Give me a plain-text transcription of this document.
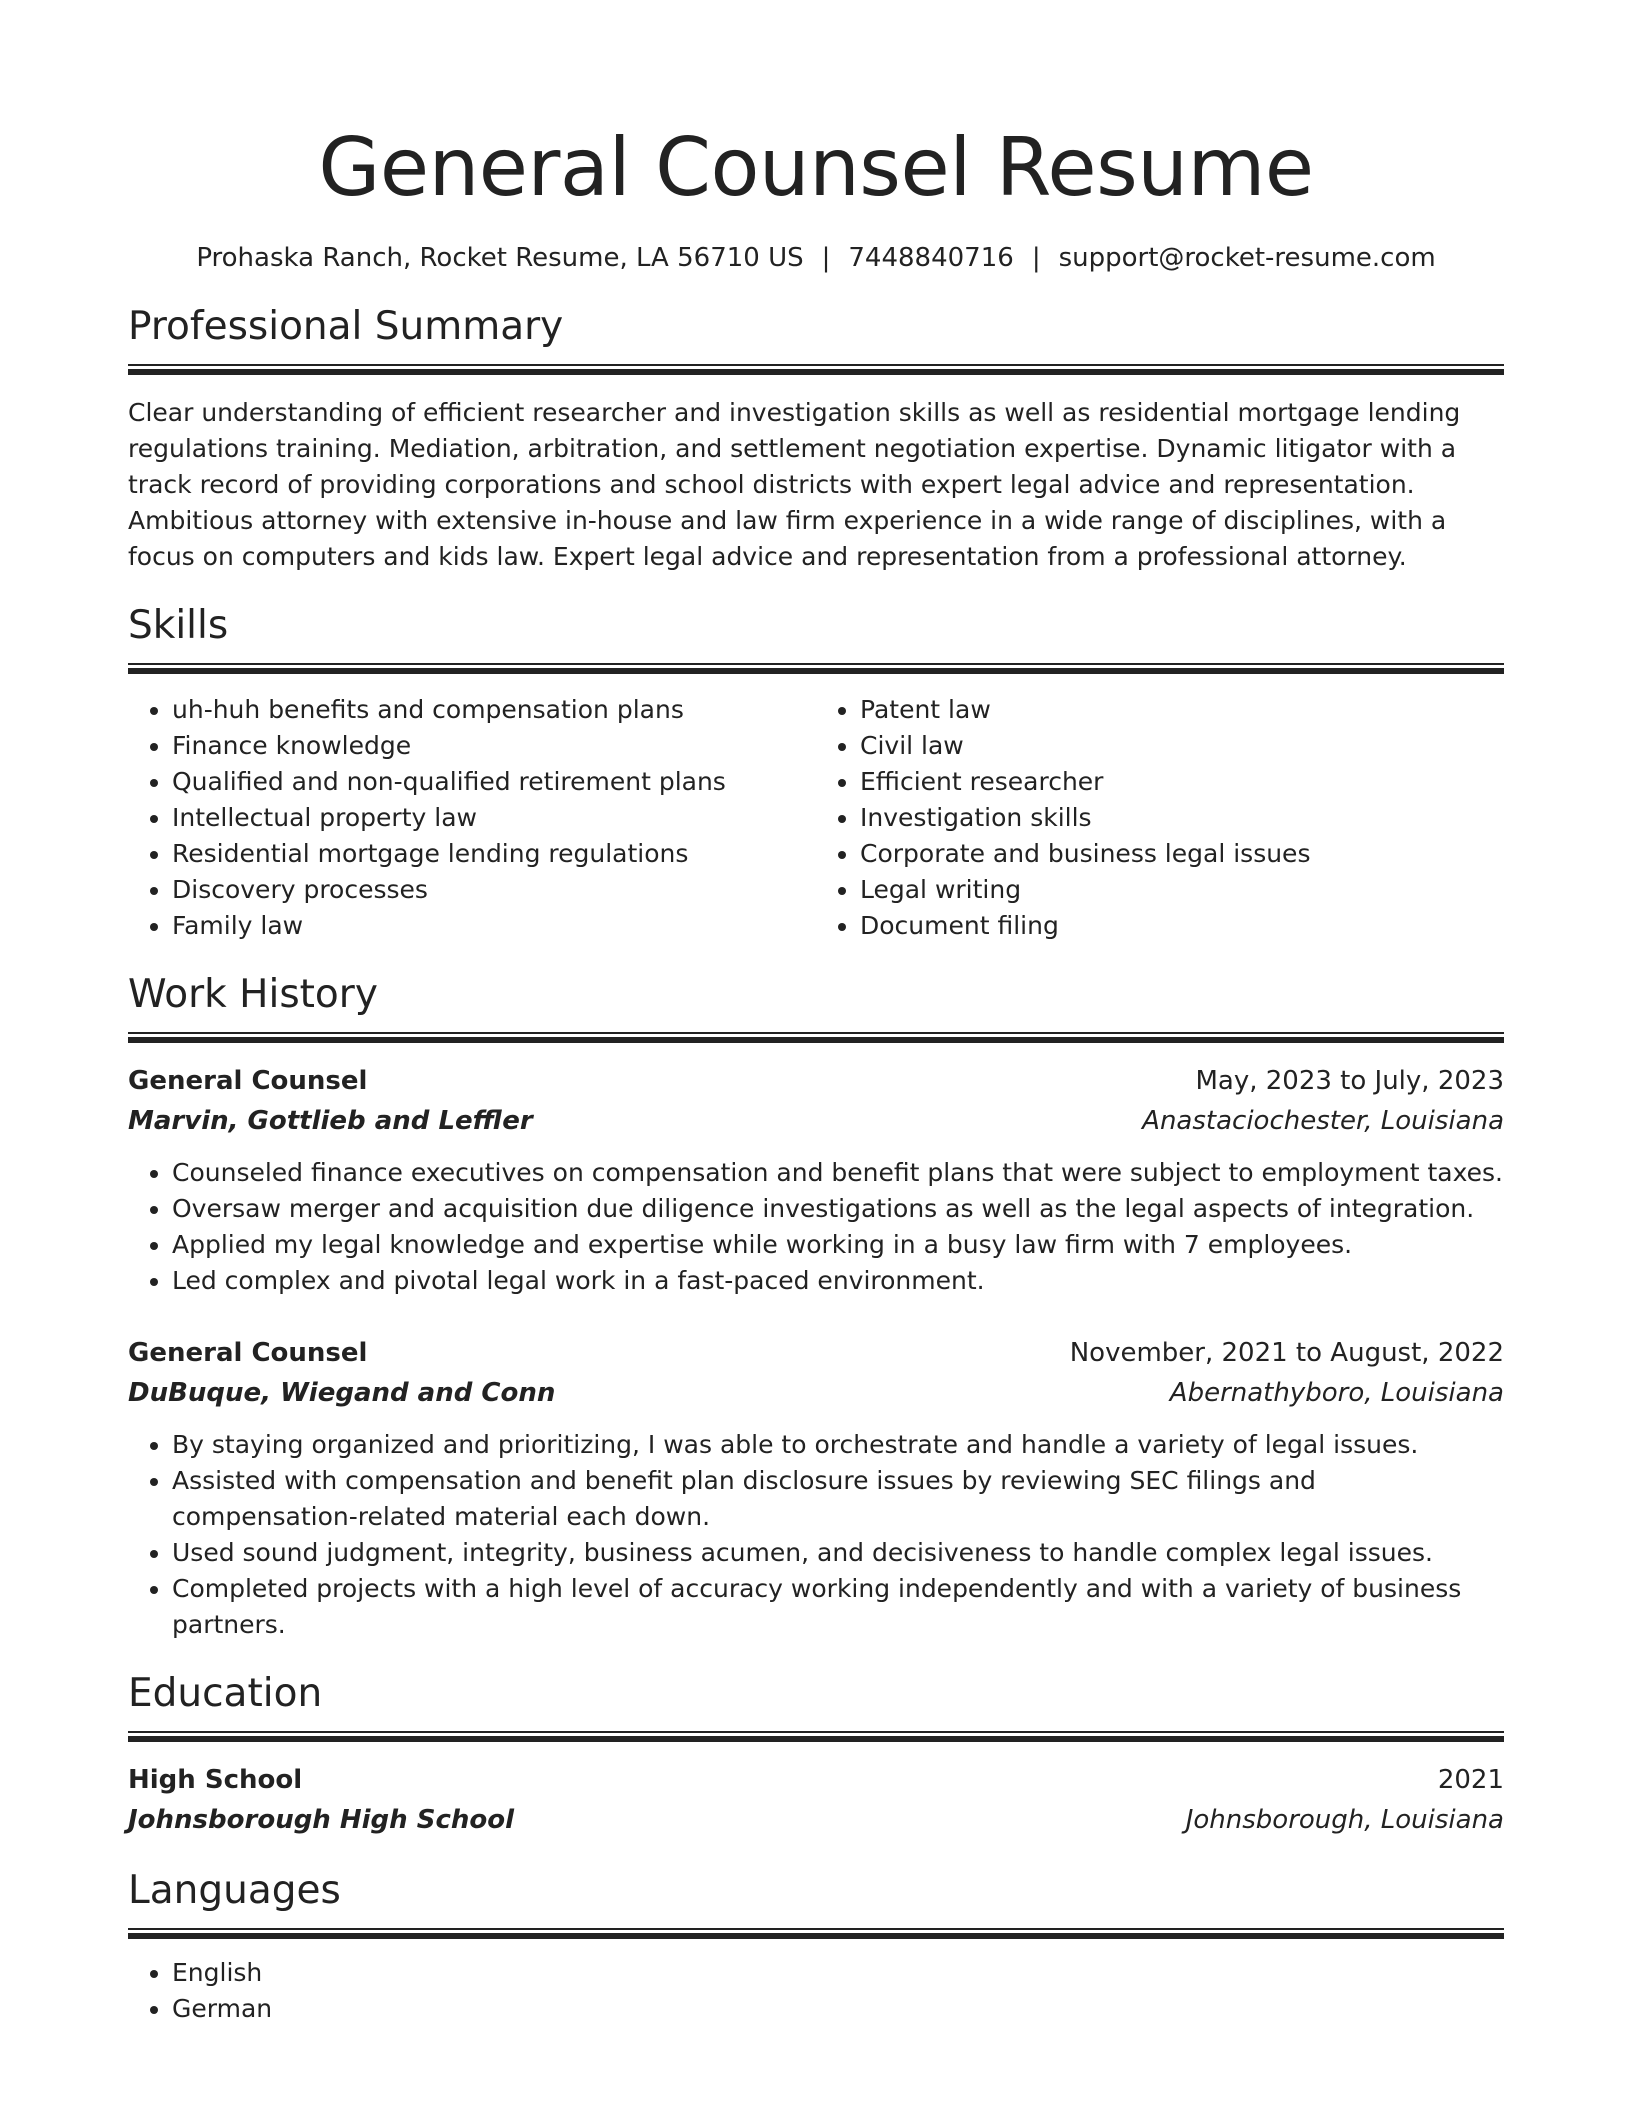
General Counsel Resume
Prohaska Ranch, Rocket Resume, LA 56710 US | 7448840716 | support@rocket-resume.com
Professional Summary

Clear understanding of efficient researcher and investigation skills as well as residential mortgage lending regulations training. Mediation, arbitration, and settlement negotiation expertise. Dynamic litigator with a track record of providing corporations and school districts with expert legal advice and representation. Ambitious attorney with extensive in-house and law firm experience in a wide range of disciplines, with a focus on computers and kids law. Expert legal advice and representation from a professional attorney.

Skills
• uh-huh benefits and compensation plans
• Finance knowledge
• Qualified and non-qualified retirement plans
• Intellectual property law
• Residential mortgage lending regulations
• Discovery processes
• Family law
• Patent law
• Civil law
• Efficient researcher
• Investigation skills
• Corporate and business legal issues
• Legal writing
• Document filing
Work History
General Counsel	May, 2023 to July, 2023
Marvin, Gottlieb and Leffler	Anastaciochester, Louisiana
• Counseled finance executives on compensation and benefit plans that were subject to employment taxes.
• Oversaw merger and acquisition due diligence investigations as well as the legal aspects of integration.
• Applied my legal knowledge and expertise while working in a busy law firm with 7 employees.
• Led complex and pivotal legal work in a fast-paced environment.
General Counsel	November, 2021 to August, 2022
DuBuque, Wiegand and Conn	Abernathyboro, Louisiana
• By staying organized and prioritizing, I was able to orchestrate and handle a variety of legal issues.
• Assisted with compensation and benefit plan disclosure issues by reviewing SEC filings and compensation-related material each down.
• Used sound judgment, integrity, business acumen, and decisiveness to handle complex legal issues.
• Completed projects with a high level of accuracy working independently and with a variety of business partners.
Education
High School	2021
Johnsborough High School	Johnsborough, Louisiana
Languages
• English
• German
